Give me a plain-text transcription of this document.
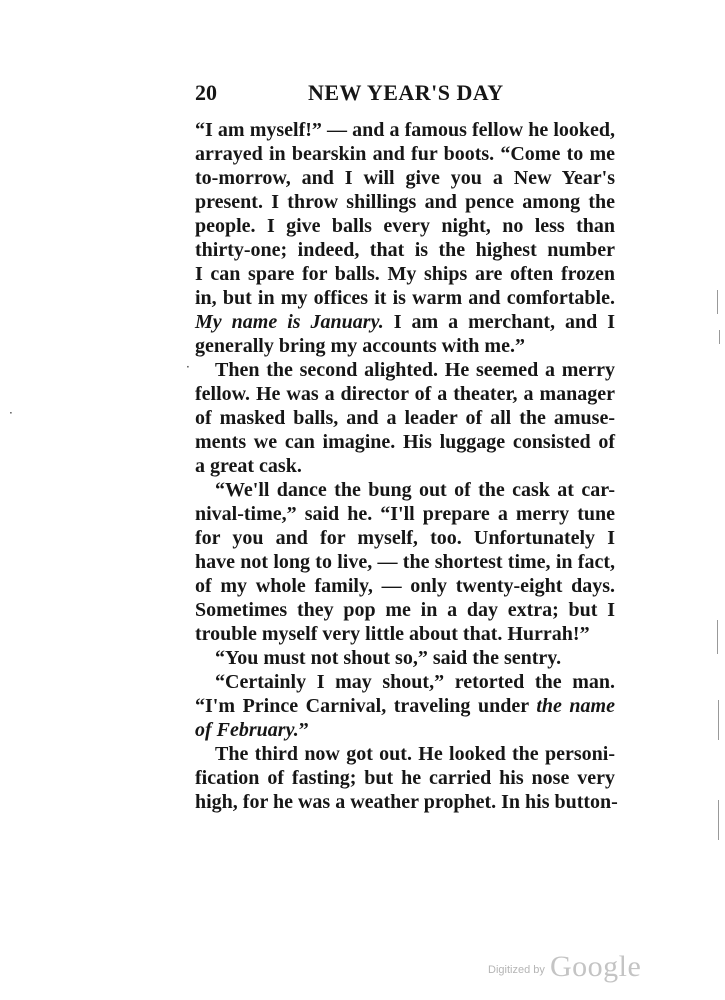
20	NEW YEAR'S DAY
“I am myself!” — and a famous fellow he looked,
arrayed in bearskin and fur boots. “Come to me
to-morrow, and I will give you a New Year's
present. I throw shillings and pence among the
people. I give balls every night, no less than
thirty-one; indeed, that is the highest number
I can spare for balls. My ships are often frozen
in, but in my offices it is warm and comfortable.
My name is January. I am a merchant, and I
generally bring my accounts with me.”
Then the second alighted. He seemed a merry
fellow. He was a director of a theater, a manager
of masked balls, and a leader of all the amuse-
ments we can imagine. His luggage consisted of
a great cask.
“We'll dance the bung out of the cask at car-
nival-time,” said he. “I'll prepare a merry tune
for you and for myself, too. Unfortunately I
have not long to live, — the shortest time, in fact,
of my whole family, — only twenty-eight days.
Sometimes they pop me in a day extra; but I
trouble myself very little about that. Hurrah!”
“You must not shout so,” said the sentry.
“Certainly I may shout,” retorted the man.
“I'm Prince Carnival, traveling under the name
of February.”
The third now got out. He looked the personi-
fication of fasting; but he carried his nose very
high, for he was a weather prophet. In his button-
·
⋅
Digitized by Google
